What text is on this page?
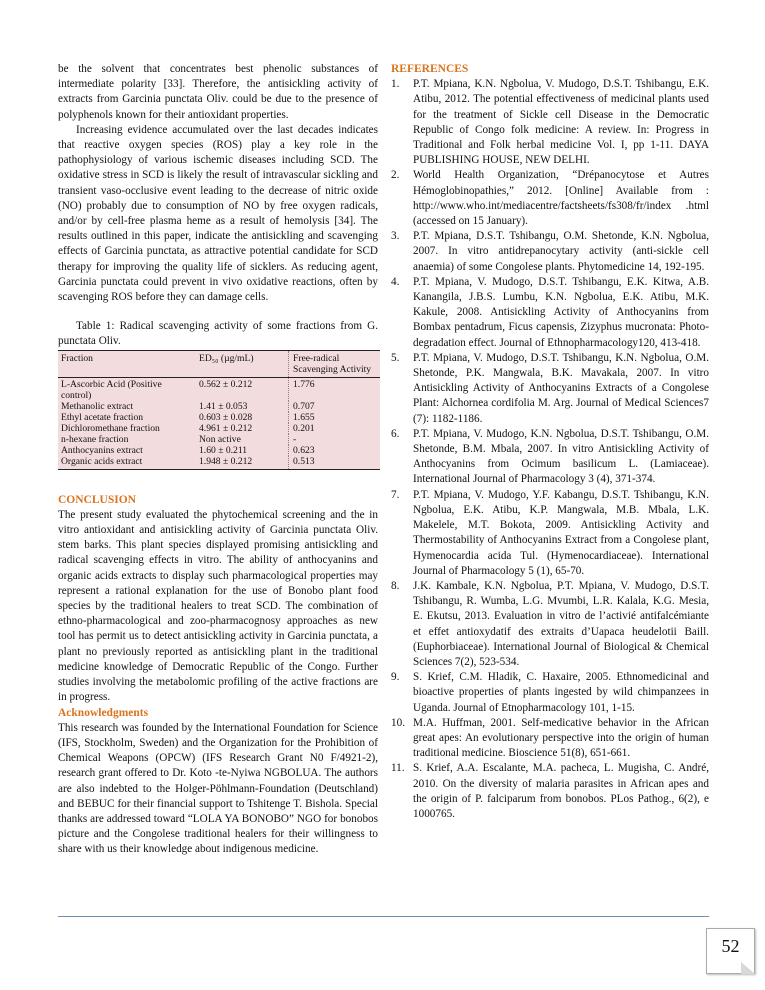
be the solvent that concentrates best phenolic substances of intermediate polarity [33]. Therefore, the antisickling activity of extracts from Garcinia punctata Oliv. could be due to the presence of polyphenols known for their antioxidant properties.

Increasing evidence accumulated over the last decades indicates that reactive oxygen species (ROS) play a key role in the pathophysiology of various ischemic diseases including SCD. The oxidative stress in SCD is likely the result of intravascular sickling and transient vaso-occlusive event leading to the decrease of nitric oxide (NO) probably due to consumption of NO by free oxygen radicals, and/or by cell-free plasma heme as a result of hemolysis [34]. The results outlined in this paper, indicate the antisickling and scavenging effects of Garcinia punctata, as attractive potential candidate for SCD therapy for improving the quality life of sicklers. As reducing agent, Garcinia punctata could prevent in vivo oxidative reactions, often by scavenging ROS before they can damage cells.

Table 1: Radical scavenging activity of some fractions from G. punctata Oliv.

Fraction	ED₅₀ (µg/mL)	Free-radical Scavenging Activity
L-Ascorbic Acid (Positive control)	0.562 ± 0.212	1.776
Methanolic extract	1.41 ± 0.053	0.707
Ethyl acetate fraction	0.603 ± 0.028	1.655
Dichloromethane fraction	4.961 ± 0.212	0.201
n-hexane fraction	Non active	-
Anthocyanins extract	1.60 ± 0.211	0.623
Organic acids extract	1.948 ± 0.212	0.513

CONCLUSION

The present study evaluated the phytochemical screening and the in vitro antioxidant and antisickling activity of Garcinia punctata Oliv. stem barks. This plant species displayed promising antisickling and radical scavenging effects in vitro. The ability of anthocyanins and organic acids extracts to display such pharmacological properties may represent a rational explanation for the use of Bonobo plant food species by the traditional healers to treat SCD. The combination of ethno-pharmacological and zoo-pharmacognosy approaches as new tool has permit us to detect antisickling activity in Garcinia punctata, a plant no previously reported as antisickling plant in the traditional medicine knowledge of Democratic Republic of the Congo. Further studies involving the metabolomic profiling of the active fractions are in progress.

Acknowledgments

This research was founded by the International Foundation for Science (IFS, Stockholm, Sweden) and the Organization for the Prohibition of Chemical Weapons (OPCW) (IFS Research Grant N0 F/4921-2), research grant offered to Dr. Koto -te-Nyiwa NGBOLUA. The authors are also indebted to the Holger-Pöhlmann-Foundation (Deutschland) and BEBUC for their financial support to Tshitenge T. Bishola. Special thanks are addressed toward “LOLA YA BONOBO” NGO for bonobos picture and the Congolese traditional healers for their willingness to share with us their knowledge about indigenous medicine.

REFERENCES

1. P.T. Mpiana, K.N. Ngbolua, V. Mudogo, D.S.T. Tshibangu, E.K. Atibu, 2012. The potential effectiveness of medicinal plants used for the treatment of Sickle cell Disease in the Democratic Republic of Congo folk medicine: A review. In: Progress in Traditional and Folk herbal medicine Vol. I, pp 1-11. DAYA PUBLISHING HOUSE, NEW DELHI.
2. World Health Organization, “Drépanocytose et Autres Hémoglobinopathies,” 2012. [Online] Available from : http://www.who.int/mediacentre/factsheets/fs308/fr/index .html (accessed on 15 January).
3. P.T. Mpiana, D.S.T. Tshibangu, O.M. Shetonde, K.N. Ngbolua, 2007. In vitro antidrepanocytary activity (anti-sickle cell anaemia) of some Congolese plants. Phytomedicine 14, 192-195.
4. P.T. Mpiana, V. Mudogo, D.S.T. Tshibangu, E.K. Kitwa, A.B. Kanangila, J.B.S. Lumbu, K.N. Ngbolua, E.K. Atibu, M.K. Kakule, 2008. Antisickling Activity of Anthocyanins from Bombax pentadrum, Ficus capensis, Zizyphus mucronata: Photo-degradation effect. Journal of Ethnopharmacology120, 413-418.
5. P.T. Mpiana, V. Mudogo, D.S.T. Tshibangu, K.N. Ngbolua, O.M. Shetonde, P.K. Mangwala, B.K. Mavakala, 2007. In vitro Antisickling Activity of Anthocyanins Extracts of a Congolese Plant: Alchornea cordifolia M. Arg. Journal of Medical Sciences7 (7): 1182-1186.
6. P.T. Mpiana, V. Mudogo, K.N. Ngbolua, D.S.T. Tshibangu, O.M. Shetonde, B.M. Mbala, 2007. In vitro Antisickling Activity of Anthocyanins from Ocimum basilicum L. (Lamiaceae). International Journal of Pharmacology 3 (4), 371-374.
7. P.T. Mpiana, V. Mudogo, Y.F. Kabangu, D.S.T. Tshibangu, K.N. Ngbolua, E.K. Atibu, K.P. Mangwala, M.B. Mbala, L.K. Makelele, M.T. Bokota, 2009. Antisickling Activity and Thermostability of Anthocyanins Extract from a Congolese plant, Hymenocardia acida Tul. (Hymenocardiaceae). International Journal of Pharmacology 5 (1), 65-70.
8. J.K. Kambale, K.N. Ngbolua, P.T. Mpiana, V. Mudogo, D.S.T. Tshibangu, R. Wumba, L.G. Mvumbi, L.R. Kalala, K.G. Mesia, E. Ekutsu, 2013. Evaluation in vitro de l’activié antifalcémiante et effet antioxydatif des extraits d’Uapaca heudelotii Baill. (Euphorbiaceae). International Journal of Biological & Chemical Sciences 7(2), 523-534.
9. S. Krief, C.M. Hladik, C. Haxaire, 2005. Ethnomedicinal and bioactive properties of plants ingested by wild chimpanzees in Uganda. Journal of Etnopharmacology 101, 1-15.
10. M.A. Huffman, 2001. Self-medicative behavior in the African great apes: An evolutionary perspective into the origin of human traditional medicine. Bioscience 51(8), 651-661.
11. S. Krief, A.A. Escalante, M.A. pacheca, L. Mugisha, C. André, 2010. On the diversity of malaria parasites in African apes and the origin of P. falciparum from bonobos. PLos Pathog., 6(2), e 1000765.
52
